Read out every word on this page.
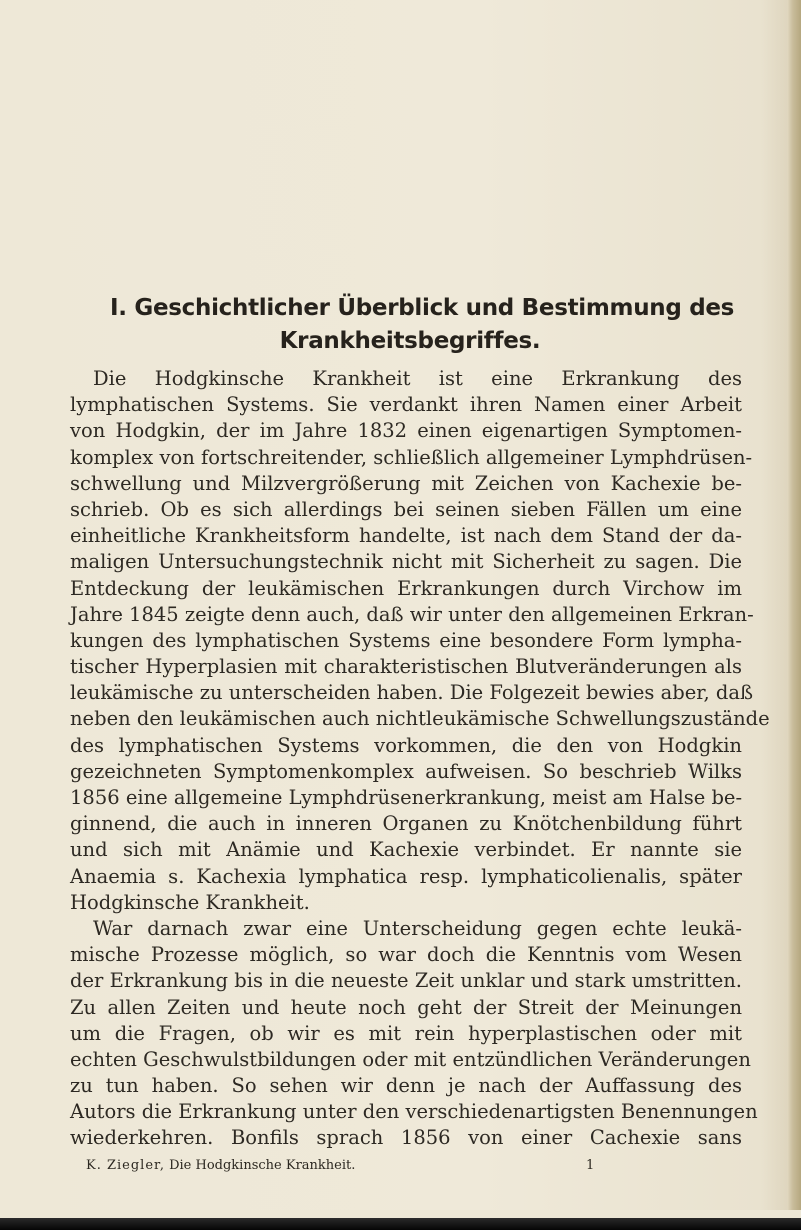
I. Geschichtlicher Überblick und Bestimmung des
Krankheitsbegriffes.
Die Hodgkinsche Krankheit ist eine Erkrankung des
lymphatischen Systems. Sie verdankt ihren Namen einer Arbeit
von Hodgkin, der im Jahre 1832 einen eigenartigen Symptomen-
komplex von fortschreitender, schließlich allgemeiner Lymphdrüsen-
schwellung und Milzvergrößerung mit Zeichen von Kachexie be-
schrieb. Ob es sich allerdings bei seinen sieben Fällen um eine
einheitliche Krankheitsform handelte, ist nach dem Stand der da-
maligen Untersuchungstechnik nicht mit Sicherheit zu sagen. Die
Entdeckung der leukämischen Erkrankungen durch Virchow im
Jahre 1845 zeigte denn auch, daß wir unter den allgemeinen Erkran-
kungen des lymphatischen Systems eine besondere Form lympha-
tischer Hyperplasien mit charakteristischen Blutveränderungen als
leukämische zu unterscheiden haben. Die Folgezeit bewies aber, daß
neben den leukämischen auch nichtleukämische Schwellungszustände
des lymphatischen Systems vorkommen, die den von Hodgkin
gezeichneten Symptomenkomplex aufweisen. So beschrieb Wilks
1856 eine allgemeine Lymphdrüsenerkrankung, meist am Halse be-
ginnend, die auch in inneren Organen zu Knötchenbildung führt
und sich mit Anämie und Kachexie verbindet. Er nannte sie
Anaemia s. Kachexia lymphatica resp. lymphaticolienalis, später
Hodgkinsche Krankheit.
War darnach zwar eine Unterscheidung gegen echte leukä-
mische Prozesse möglich, so war doch die Kenntnis vom Wesen
der Erkrankung bis in die neueste Zeit unklar und stark umstritten.
Zu allen Zeiten und heute noch geht der Streit der Meinungen
um die Fragen, ob wir es mit rein hyperplastischen oder mit
echten Geschwulstbildungen oder mit entzündlichen Veränderungen
zu tun haben. So sehen wir denn je nach der Auffassung des
Autors die Erkrankung unter den verschiedenartigsten Benennungen
wiederkehren. Bonfils sprach 1856 von einer Cachexie sans
K. Ziegler, Die Hodgkinsche Krankheit.	1
